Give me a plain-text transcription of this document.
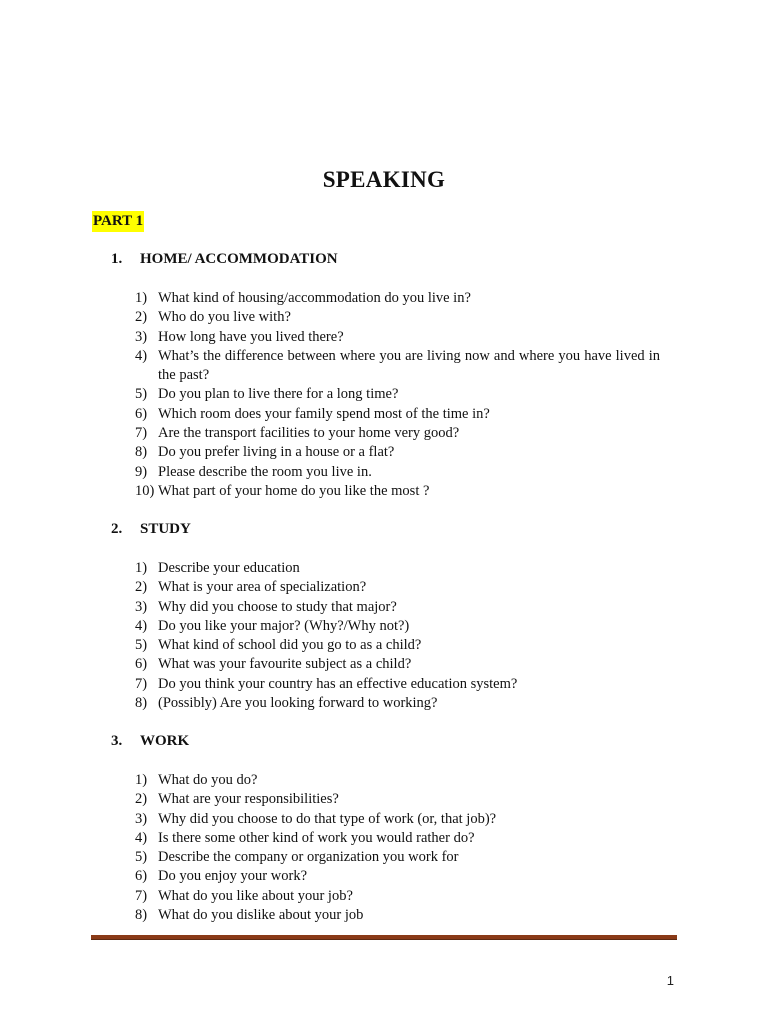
SPEAKING
PART 1
1. HOME/ ACCOMMODATION
1) What kind of housing/accommodation do you live in?
2) Who do you live with?
3) How long have you lived there?
4) What’s the difference between where you are living now and where you have lived in the past?
5) Do you plan to live there for a long time?
6) Which room does your family spend most of the time in?
7) Are the transport facilities to your home very good?
8) Do you prefer living in a house or a flat?
9) Please describe the room you live in.
10) What part of your home do you like the most ?
2. STUDY
1) Describe your education
2) What is your area of specialization?
3) Why did you choose to study that major?
4) Do you like your major? (Why?/Why not?)
5) What kind of school did you go to as a child?
6) What was your favourite subject as a child?
7) Do you think your country has an effective education system?
8) (Possibly) Are you looking forward to working?
3. WORK
1) What do you do?
2) What are your responsibilities?
3) Why did you choose to do that type of work (or, that job)?
4) Is there some other kind of work you would rather do?
5) Describe the company or organization you work for
6) Do you enjoy your work?
7) What do you like about your job?
8) What do you dislike about your job
1
